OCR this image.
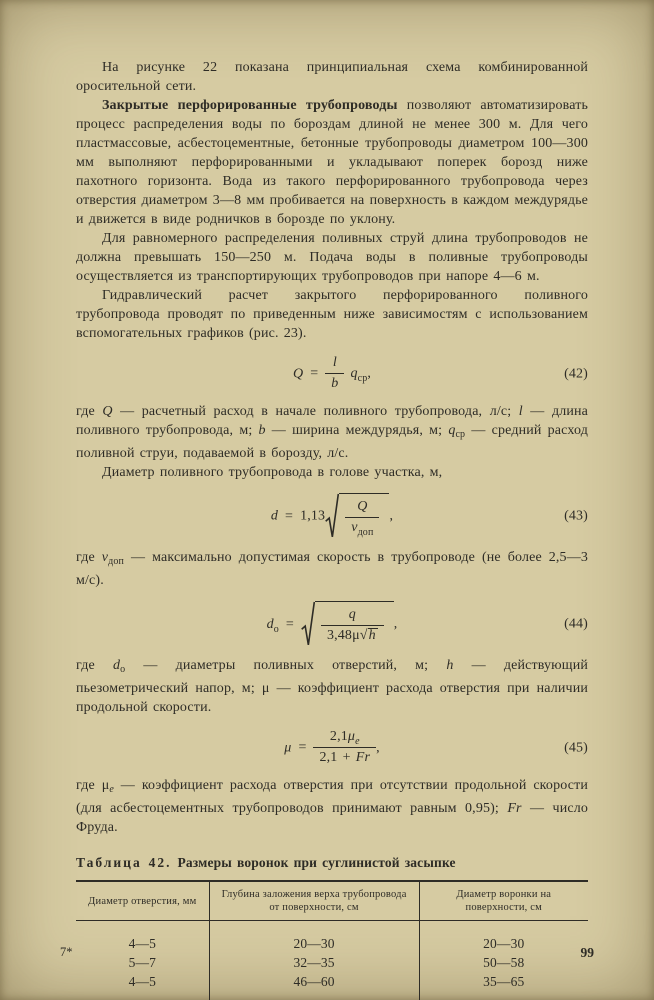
На рисунке 22 показана принципиальная схема комбинированной оросительной сети.

Закрытые перфорированные трубопроводы позволяют автоматизировать процесс распределения воды по бороздам длиной не менее 300 м. Для чего пластмассовые, асбестоцементные, бетонные трубопроводы диаметром 100—300 мм выполняют перфорированными и укладывают поперек борозд ниже пахотного горизонта. Вода из такого перфорированного трубопровода через отверстия диаметром 3—8 мм пробивается на поверхность в каждом междурядье и движется в виде родничков в борозде по уклону.

Для равномерного распределения поливных струй длина трубопроводов не должна превышать 150—250 м. Подача воды в поливные трубопроводы осуществляется из транспортирующих трубопроводов при напоре 4—6 м.

Гидравлический расчет закрытого перфорированного поливного трубопровода проводят по приведенным ниже зависимостям с использованием вспомогательных графиков (рис. 23).

$Q = \frac{l}{b} q_{ср}$,	(42)

где Q — расчетный расход в начале поливного трубопровода, л/с; l — длина поливного трубопровода, м; b — ширина междурядья, м; $q_{ср}$ — средний расход поливной струи, подаваемой в борозду, л/с.

Диаметр поливного трубопровода в голове участка, м,

$d = 1,13 \frac{Q}{v_{доп}}$ ,	(43)

где $v_{доп}$ — максимально допустимая скорость в трубопроводе (не более 2,5—3 м/с).

$d_о = \frac{q}{3,48\mu√h}$ ,	(44)

где $d_о$ — диаметры поливных отверстий, м; h — действующий пьезометрический напор, м; μ — коэффициент расхода отверстия при наличии продольной скорости.

$\mu = \frac{2,1\mu_е}{2,1 + Fr}$ ,	(45)

где $\mu_е$ — коэффициент расхода отверстия при отсутствии продольной скорости (для асбестоцементных трубопроводов принимают равным 0,95); Fr — число Фруда.

Таблица 42. Размеры воронок при суглинистой засыпке
Диаметр отверстия, мм	Глубина заложения верха трубопровода от поверхности, см	Диаметр воронки на поверхности, см
4—5	20—30	20—30
5—7	32—35	50—58
4—5	46—60	35—65
7*	99
